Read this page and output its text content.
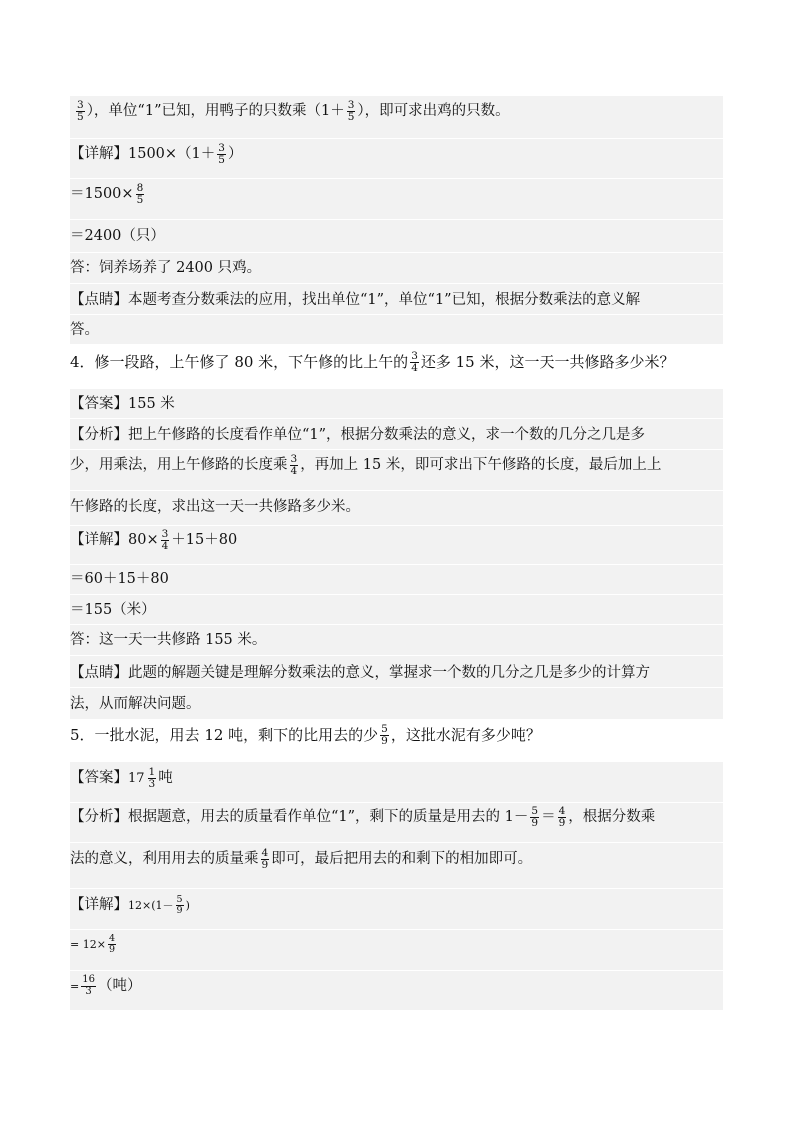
$\frac{3}{5}$ ），单位“1”已知，用鸭子的只数乘（$1+ \frac{3}{5}$ ），即可求出鸡的只数。
【详解】$1500\times(1+ \frac{3}{5}$ ）
$=1500\times \frac{8}{5}$
＝2400（只）
答：饲养场养了 2400 只鸡。
【点睛】本题考查分数乘法的应用，找出单位“1”，单位“1”已知，根据分数乘法的意义解
答。
4．修一段路，上午修了 80 米，下午修的比上午的 $\frac{3}{4}$ 还多 15 米，这一天一共修路多少米？
【答案】155 米
【分析】把上午修路的长度看作单位“1”，根据分数乘法的意义，求一个数的几分之几是多
少，用乘法，用上午修路的长度乘 $\frac{3}{4}$ ，再加上 15 米，即可求出下午修路的长度，最后加上上
午修路的长度，求出这一天一共修路多少米。
【详解】$80\times \frac{3}{4} +15+80$
＝60＋15＋80
＝155（米）
答：这一天一共修路 155 米。
【点睛】此题的解题关键是理解分数乘法的意义，掌握求一个数的几分之几是多少的计算方
法，从而解决问题。
5．一批水泥，用去 12 吨，剩下的比用去的少 $\frac{5}{9}$ ，这批水泥有多少吨？
【答案】 $17 \frac{1}{3}$ 吨
【分析】根据题意，用去的质量看作单位“1”，剩下的质量是用去的 $1- \frac{5}{9} = \frac{4}{9}$ ，根据分数乘
法的意义，利用用去的质量乘 $\frac{4}{9}$ 即可，最后把用去的和剩下的相加即可。
【详解】$12\times(1- \frac{5}{9}$ )
= $12\times \frac{4}{9}$
= $\frac{16}{3}$ （吨）
